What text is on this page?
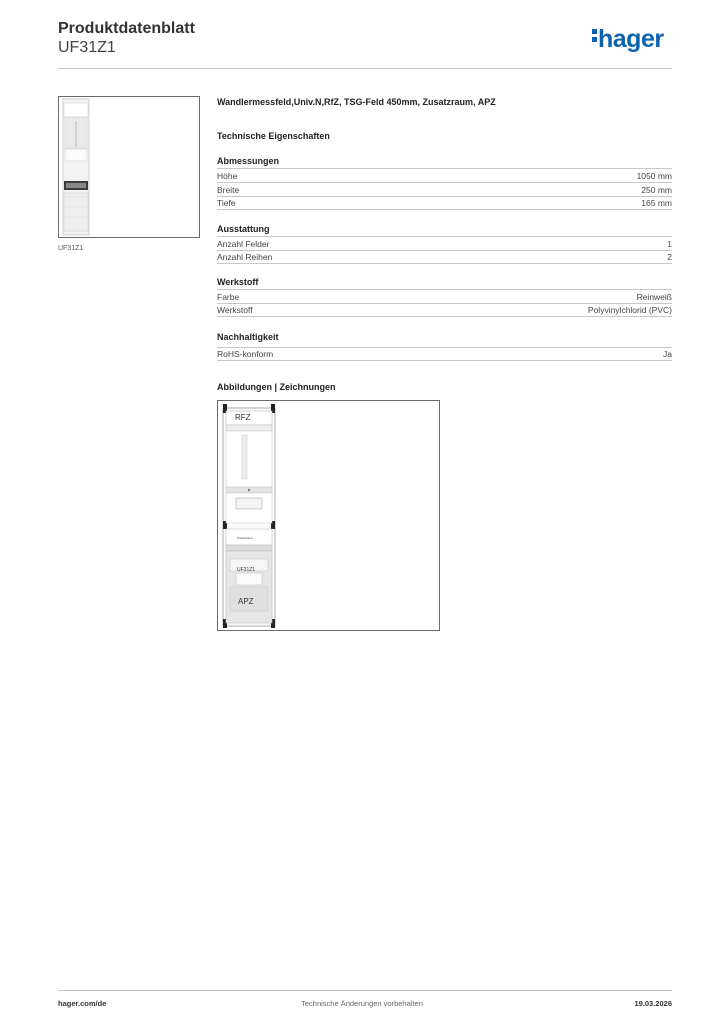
Produktdatenblatt
UF31Z1	hager
UF31Z1
Wandlermessfeld,Univ.N,RfZ, TSG-Feld 450mm, Zusatzraum, APZ
Technische Eigenschaften
Abmessungen
Höhe	1050 mm
Breite	250 mm
Tiefe	165 mm
Ausstattung
Anzahl Felder	1
Anzahl Reihen	2
Werkstoff
Farbe	Reinweiß
Werkstoff	Polyvinylchlorid (PVC)
Nachhaltigkeit
RoHS-konform	Ja
Abbildungen | Zeichnungen
RFZ
Zusatzraum
UF31Z1
APZ
Technische Änderungen vorbehalten
hager.com/de	19.03.2026
